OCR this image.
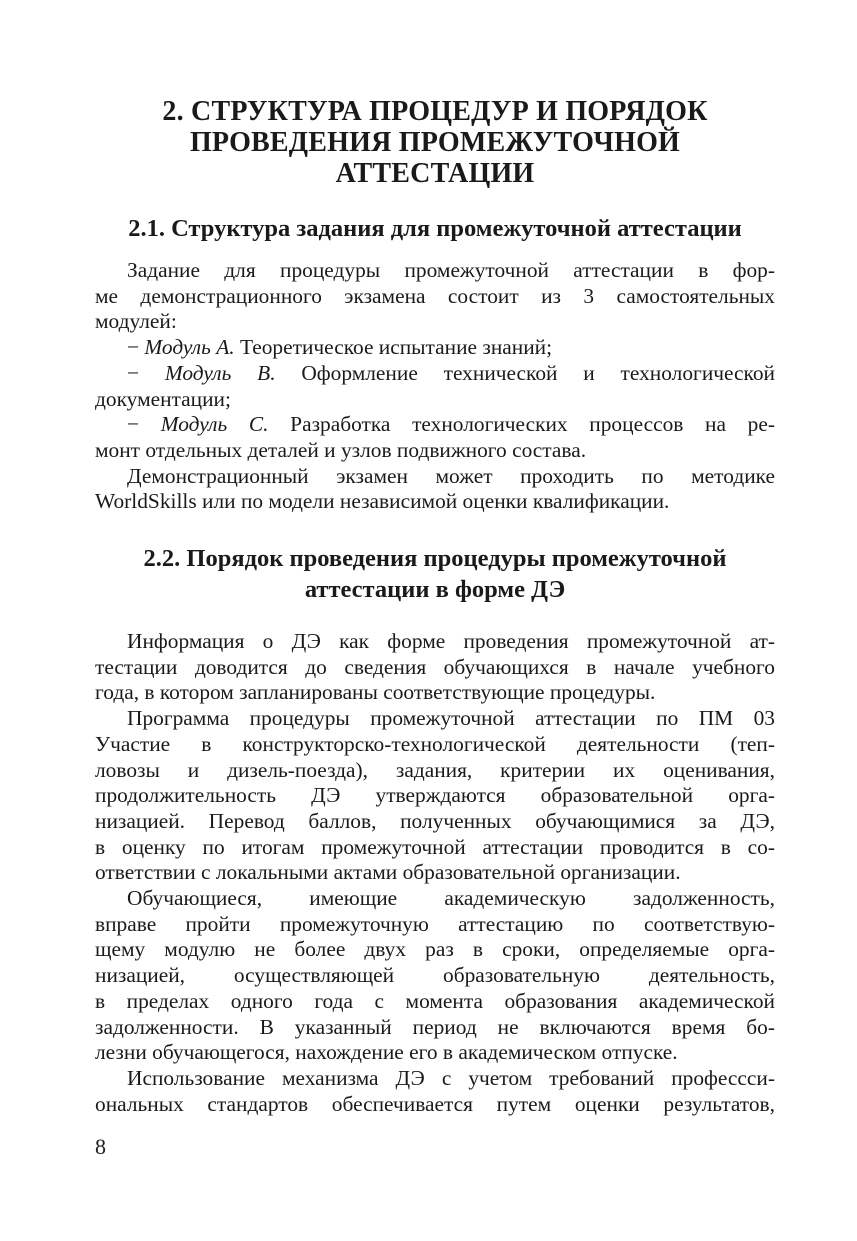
2. СТРУКТУРА ПРОЦЕДУР И ПОРЯДОК
ПРОВЕДЕНИЯ ПРОМЕЖУТОЧНОЙ
АТТЕСТАЦИИ
2.1. Структура задания для промежуточной аттестации

Задание для процедуры промежуточной аттестации в фор-
ме демонстрационного экзамена состоит из 3 самостоятельных
модулей:

− Модуль А. Теоретическое испытание знаний;

− Модуль В. Оформление технической и технологической
документации;

− Модуль С. Разработка технологических процессов на ре-
монт отдельных деталей и узлов подвижного состава.

Демонстрационный экзамен может проходить по методике
WorldSkills или по модели независимой оценки квалификации.

2.2. Порядок проведения процедуры промежуточной
аттестации в форме ДЭ

Информация о ДЭ как форме проведения промежуточной ат-
тестации доводится до сведения обучающихся в начале учебного
года, в котором запланированы соответствующие процедуры.

Программа процедуры промежуточной аттестации по ПМ 03
Участие в конструкторско-технологической деятельности (теп-
ловозы и дизель-поезда), задания, критерии их оценивания,
продолжительность ДЭ утверждаются образовательной орга-
низацией. Перевод баллов, полученных обучающимися за ДЭ,
в оценку по итогам промежуточной аттестации проводится в со-
ответствии с локальными актами образовательной организации.

Обучающиеся, имеющие академическую задолженность,
вправе пройти промежуточную аттестацию по соответствую-
щему модулю не более двух раз в сроки, определяемые орга-
низацией, осуществляющей образовательную деятельность,
в пределах одного года с момента образования академической
задолженности. В указанный период не включаются время бо-
лезни обучающегося, нахождение его в академическом отпуске.

Использование механизма ДЭ с учетом требований профессси-
ональных стандартов обеспечивается путем оценки результатов,

8
